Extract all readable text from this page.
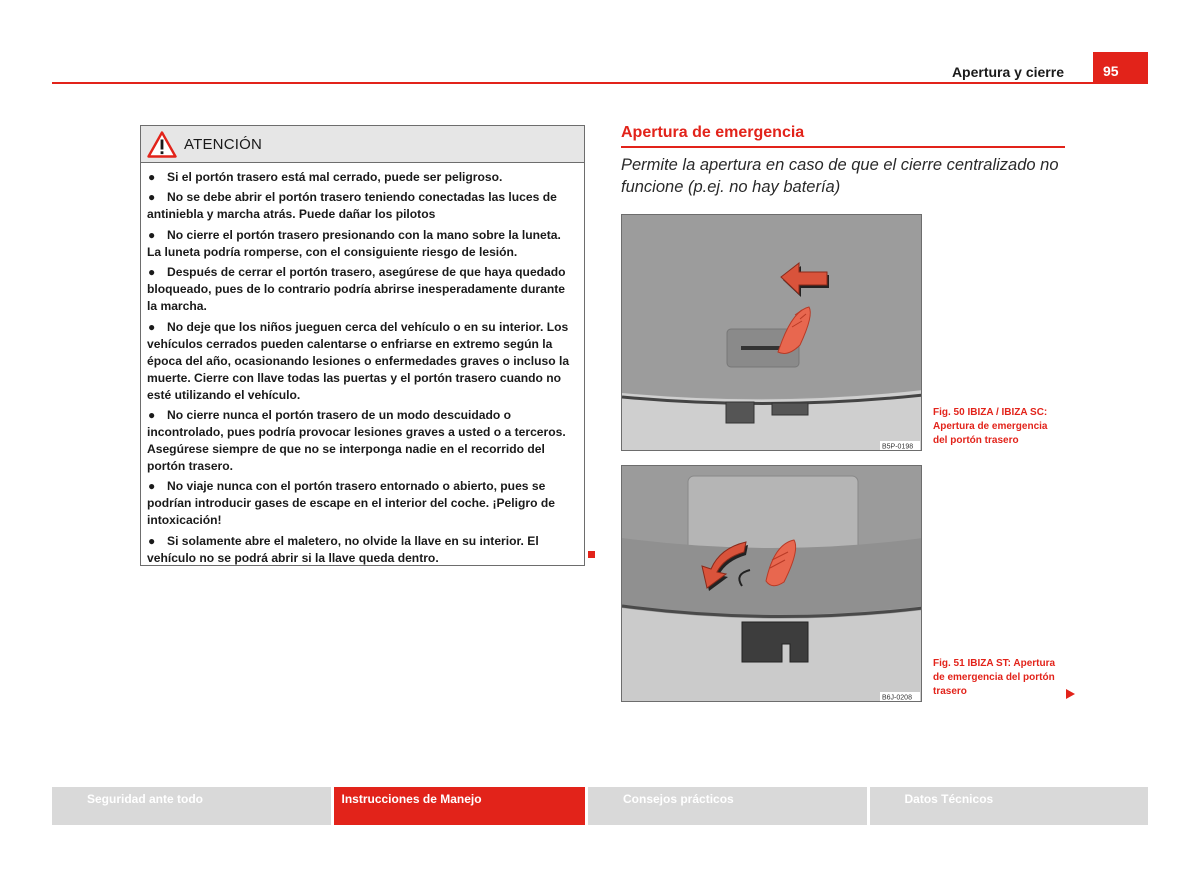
Apertura y cierre	95
ATENCIÓN
● Si el portón trasero está mal cerrado, puede ser peligroso.
● No se debe abrir el portón trasero teniendo conectadas las luces de antiniebla y marcha atrás. Puede dañar los pilotos
● No cierre el portón trasero presionando con la mano sobre la luneta. La luneta podría romperse, con el consiguiente riesgo de lesión.
● Después de cerrar el portón trasero, asegúrese de que haya quedado bloqueado, pues de lo contrario podría abrirse inesperadamente durante la marcha.
● No deje que los niños jueguen cerca del vehículo o en su interior. Los vehículos cerrados pueden calentarse o enfriarse en extremo según la época del año, ocasionando lesiones o enfermedades graves o incluso la muerte. Cierre con llave todas las puertas y el portón trasero cuando no esté utilizando el vehículo.
● No cierre nunca el portón trasero de un modo descuidado o incontrolado, pues podría provocar lesiones graves a usted o a terceros. Asegúrese siempre de que no se interponga nadie en el recorrido del portón trasero.
● No viaje nunca con el portón trasero entornado o abierto, pues se podrían introducir gases de escape en el interior del coche. ¡Peligro de intoxicación!
● Si solamente abre el maletero, no olvide la llave en su interior. El vehículo no se podrá abrir si la llave queda dentro.
Apertura de emergencia
Permite la apertura en caso de que el cierre centralizado no funcione (p.ej. no hay batería)
B5P-0198
Fig. 50 IBIZA / IBIZA SC: Apertura de emergencia del portón trasero
B6J-0208
Fig. 51 IBIZA ST: Apertura de emergencia del portón trasero
Seguridad ante todo	Instrucciones de Manejo	Consejos prácticos	Datos Técnicos
